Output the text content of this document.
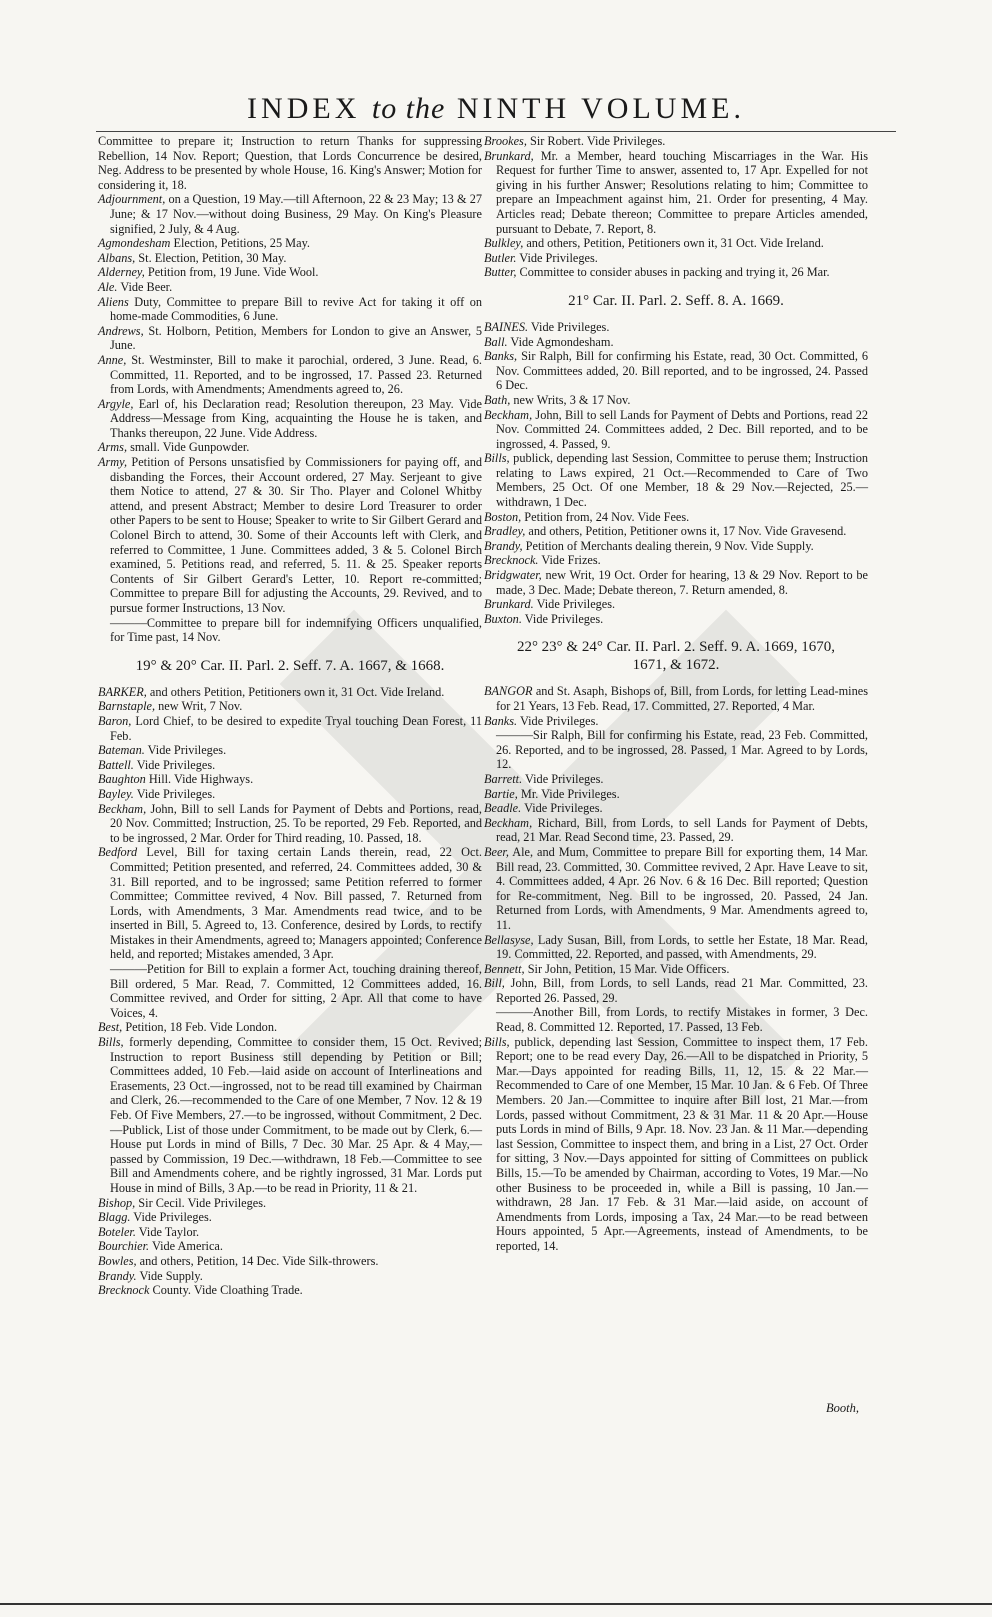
INDEX to the NINTH VOLUME.

Committee to prepare it; Instruction to return Thanks for suppressing Rebellion, 14 Nov. Report; Question, that Lords Concurrence be desired, Neg. Address to be presented by whole House, 16. King's Answer; Motion for considering it, 18.

Adjournment, on a Question, 19 May.—till Afternoon, 22 & 23 May; 13 & 27 June; & 17 Nov.—without doing Business, 29 May. On King's Pleasure signified, 2 July, & 4 Aug.

Agmondesham Election, Petitions, 25 May.

Albans, St. Election, Petition, 30 May.

Alderney, Petition from, 19 June. Vide Wool.

Ale. Vide Beer.

Aliens Duty, Committee to prepare Bill to revive Act for taking it off on home-made Commodities, 6 June.

Andrews, St. Holborn, Petition, Members for London to give an Answer, 5 June.

Anne, St. Westminster, Bill to make it parochial, ordered, 3 June. Read, 6. Committed, 11. Reported, and to be ingrossed, 17. Passed 23. Returned from Lords, with Amendments; Amendments agreed to, 26.

Argyle, Earl of, his Declaration read; Resolution thereupon, 23 May. Vide Address—Message from King, acquainting the House he is taken, and Thanks thereupon, 22 June. Vide Address.

Arms, small. Vide Gunpowder.

Army, Petition of Persons unsatisfied by Commissioners for paying off, and disbanding the Forces, their Account ordered, 27 May. Serjeant to give them Notice to attend, 27 & 30. Sir Tho. Player and Colonel Whitby attend, and present Abstract; Member to desire Lord Treasurer to order other Papers to be sent to House; Speaker to write to Sir Gilbert Gerard and Colonel Birch to attend, 30. Some of their Accounts left with Clerk, and referred to Committee, 1 June. Committees added, 3 & 5. Colonel Birch examined, 5. Petitions read, and referred, 5. 11. & 25. Speaker reports Contents of Sir Gilbert Gerard's Letter, 10. Report re-committed; Committee to prepare Bill for adjusting the Accounts, 29. Revived, and to pursue former Instructions, 13 Nov.

———Committee to prepare bill for indemnifying Officers unqualified, for Time past, 14 Nov.

19° & 20° Car. II. Parl. 2. Seff. 7. A. 1667, & 1668.

BARKER, and others Petition, Petitioners own it, 31 Oct. Vide Ireland.

Barnstaple, new Writ, 7 Nov.

Baron, Lord Chief, to be desired to expedite Tryal touching Dean Forest, 11 Feb.

Bateman. Vide Privileges.

Battell. Vide Privileges.

Baughton Hill. Vide Highways.

Bayley. Vide Privileges.

Beckham, John, Bill to sell Lands for Payment of Debts and Portions, read, 20 Nov. Committed; Instruction, 25. To be reported, 29 Feb. Reported, and to be ingrossed, 2 Mar. Order for Third reading, 10. Passed, 18.

Bedford Level, Bill for taxing certain Lands therein, read, 22 Oct. Committed; Petition presented, and referred, 24. Committees added, 30 & 31. Bill reported, and to be ingrossed; same Petition referred to former Committee; Committee revived, 4 Nov. Bill passed, 7. Returned from Lords, with Amendments, 3 Mar. Amendments read twice, and to be inserted in Bill, 5. Agreed to, 13. Conference, desired by Lords, to rectify Mistakes in their Amendments, agreed to; Managers appointed; Conference held, and reported; Mistakes amended, 3 Apr.

———Petition for Bill to explain a former Act, touching draining thereof, Bill ordered, 5 Mar. Read, 7. Committed, 12 Committees added, 16. Committee revived, and Order for sitting, 2 Apr. All that come to have Voices, 4.

Best, Petition, 18 Feb. Vide London.

Bills, formerly depending, Committee to consider them, 15 Oct. Revived; Instruction to report Business still depending by Petition or Bill; Committees added, 10 Feb.—laid aside on account of Interlineations and Erasements, 23 Oct.—ingrossed, not to be read till examined by Chairman and Clerk, 26.—recommended to the Care of one Member, 7 Nov. 12 & 19 Feb. Of Five Members, 27.—to be ingrossed, without Commitment, 2 Dec.—Publick, List of those under Commitment, to be made out by Clerk, 6.—House put Lords in mind of Bills, 7 Dec. 30 Mar. 25 Apr. & 4 May,—passed by Commission, 19 Dec.—withdrawn, 18 Feb.—Committee to see Bill and Amendments cohere, and be rightly ingrossed, 31 Mar. Lords put House in mind of Bills, 3 Ap.—to be read in Priority, 11 & 21.

Bishop, Sir Cecil. Vide Privileges.

Blagg. Vide Privileges.

Boteler. Vide Taylor.

Bourchier. Vide America.

Bowles, and others, Petition, 14 Dec. Vide Silk-throwers.

Brandy. Vide Supply.

Brecknock County. Vide Cloathing Trade.

Brookes, Sir Robert. Vide Privileges.

Brunkard, Mr. a Member, heard touching Miscarriages in the War. His Request for further Time to answer, assented to, 17 Apr. Expelled for not giving in his further Answer; Resolutions relating to him; Committee to prepare an Impeachment against him, 21. Order for presenting, 4 May. Articles read; Debate thereon; Committee to prepare Articles amended, pursuant to Debate, 7. Report, 8.

Bulkley, and others, Petition, Petitioners own it, 31 Oct. Vide Ireland.

Butler. Vide Privileges.

Butter, Committee to consider abuses in packing and trying it, 26 Mar.

21° Car. II. Parl. 2. Seff. 8. A. 1669.

BAINES. Vide Privileges.

Ball. Vide Agmondesham.

Banks, Sir Ralph, Bill for confirming his Estate, read, 30 Oct. Committed, 6 Nov. Committees added, 20. Bill reported, and to be ingrossed, 24. Passed 6 Dec.

Bath, new Writs, 3 & 17 Nov.

Beckham, John, Bill to sell Lands for Payment of Debts and Portions, read 22 Nov. Committed 24. Committees added, 2 Dec. Bill reported, and to be ingrossed, 4. Passed, 9.

Bills, publick, depending last Session, Committee to peruse them; Instruction relating to Laws expired, 21 Oct.—Recommended to Care of Two Members, 25 Oct. Of one Member, 18 & 29 Nov.—Rejected, 25.—withdrawn, 1 Dec.

Boston, Petition from, 24 Nov. Vide Fees.

Bradley, and others, Petition, Petitioner owns it, 17 Nov. Vide Gravesend.

Brandy, Petition of Merchants dealing therein, 9 Nov. Vide Supply.

Brecknock. Vide Frizes.

Bridgwater, new Writ, 19 Oct. Order for hearing, 13 & 29 Nov. Report to be made, 3 Dec. Made; Debate thereon, 7. Return amended, 8.

Brunkard. Vide Privileges.

Buxton. Vide Privileges.

22° 23° & 24° Car. II. Parl. 2. Seff. 9. A. 1669, 1670,
1671, & 1672.

BANGOR and St. Asaph, Bishops of, Bill, from Lords, for letting Lead-mines for 21 Years, 13 Feb. Read, 17. Committed, 27. Reported, 4 Mar.

Banks. Vide Privileges.

———Sir Ralph, Bill for confirming his Estate, read, 23 Feb. Committed, 26. Reported, and to be ingrossed, 28. Passed, 1 Mar. Agreed to by Lords, 12.

Barrett. Vide Privileges.

Bartie, Mr. Vide Privileges.

Beadle. Vide Privileges.

Beckham, Richard, Bill, from Lords, to sell Lands for Payment of Debts, read, 21 Mar. Read Second time, 23. Passed, 29.

Beer, Ale, and Mum, Committee to prepare Bill for exporting them, 14 Mar. Bill read, 23. Committed, 30. Committee revived, 2 Apr. Have Leave to sit, 4. Committees added, 4 Apr. 26 Nov. 6 & 16 Dec. Bill reported; Question for Re-commitment, Neg. Bill to be ingrossed, 20. Passed, 24 Jan. Returned from Lords, with Amendments, 9 Mar. Amendments agreed to, 11.

Bellasyse, Lady Susan, Bill, from Lords, to settle her Estate, 18 Mar. Read, 19. Committed, 22. Reported, and passed, with Amendments, 29.

Bennett, Sir John, Petition, 15 Mar. Vide Officers.

Bill, John, Bill, from Lords, to sell Lands, read 21 Mar. Committed, 23. Reported 26. Passed, 29.

———Another Bill, from Lords, to rectify Mistakes in former, 3 Dec. Read, 8. Committed 12. Reported, 17. Passed, 13 Feb.

Bills, publick, depending last Session, Committee to inspect them, 17 Feb. Report; one to be read every Day, 26.—All to be dispatched in Priority, 5 Mar.—Days appointed for reading Bills, 11, 12, 15. & 22 Mar.—Recommended to Care of one Member, 15 Mar. 10 Jan. & 6 Feb. Of Three Members. 20 Jan.—Committee to inquire after Bill lost, 21 Mar.—from Lords, passed without Commitment, 23 & 31 Mar. 11 & 20 Apr.—House puts Lords in mind of Bills, 9 Apr. 18. Nov. 23 Jan. & 11 Mar.—depending last Session, Committee to inspect them, and bring in a List, 27 Oct. Order for sitting, 3 Nov.—Days appointed for sitting of Committees on publick Bills, 15.—To be amended by Chairman, according to Votes, 19 Mar.—No other Business to be proceeded in, while a Bill is passing, 10 Jan.—withdrawn, 28 Jan. 17 Feb. & 31 Mar.—laid aside, on account of Amendments from Lords, imposing a Tax, 24 Mar.—to be read between Hours appointed, 5 Apr.—Agreements, instead of Amendments, to be reported, 14.

Booth,
